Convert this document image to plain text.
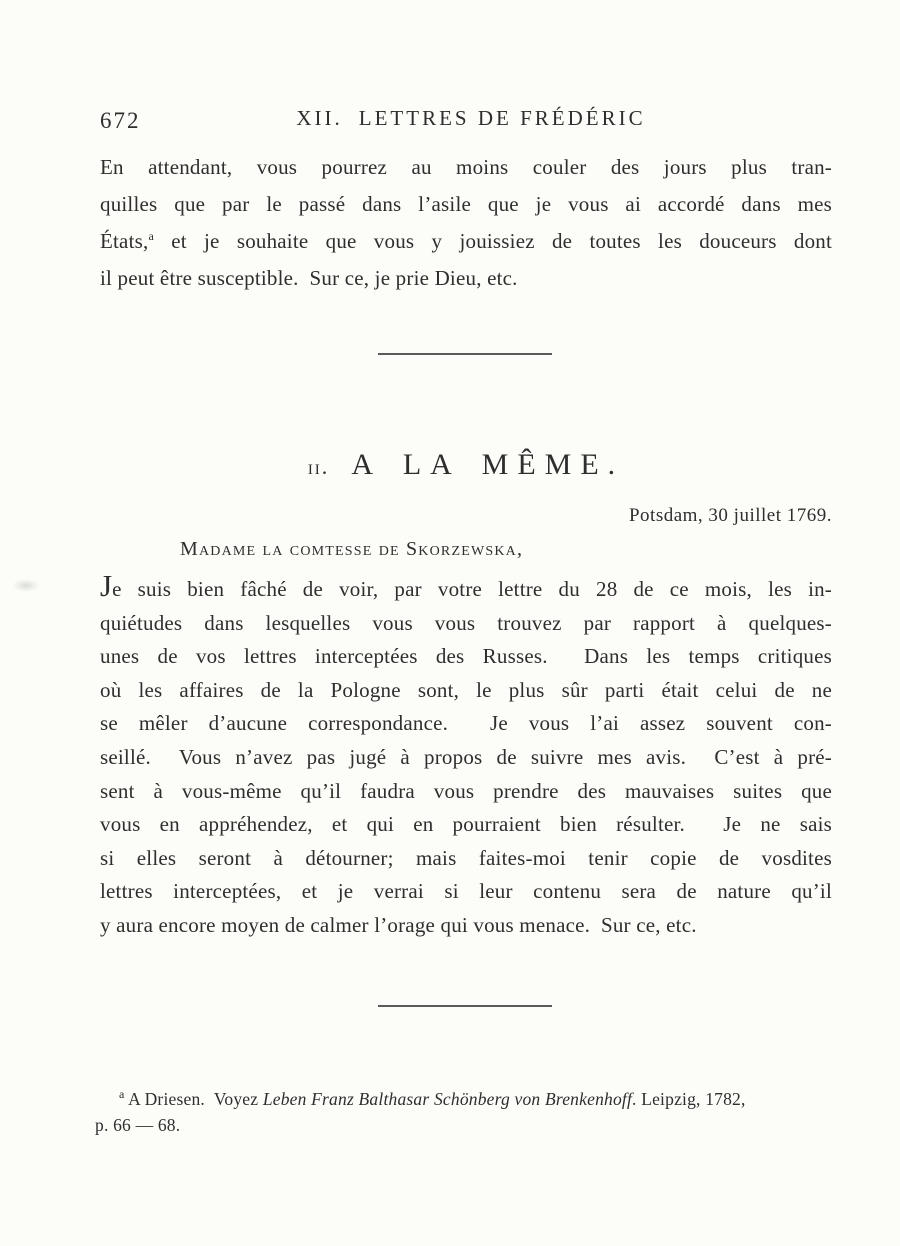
672	XII. LETTRES DE FRÉDÉRIC
En attendant, vous pourrez au moins couler des jours plus tran-
quilles que par le passé dans l’asile que je vous ai accordé dans mes
États,$^a$ et je souhaite que vous y jouissiez de toutes les douceurs dont
il peut être susceptible.  Sur ce, je prie Dieu, etc.
ii. A LA MÊME.
Potsdam, 30 juillet 1769.
Madame la comtesse de Skorzewska,
Je suis bien fâché de voir, par votre lettre du 28 de ce mois, les in-
quiétudes dans lesquelles vous vous trouvez par rapport à quelques-
unes de vos lettres interceptées des Russes.  Dans les temps critiques
où les affaires de la Pologne sont, le plus sûr parti était celui de ne
se mêler d’aucune correspondance.  Je vous l’ai assez souvent con-
seillé.  Vous n’avez pas jugé à propos de suivre mes avis.  C’est à pré-
sent à vous-même qu’il faudra vous prendre des mauvaises suites que
vous en appréhendez, et qui en pourraient bien résulter.  Je ne sais
si elles seront à détourner; mais faites-moi tenir copie de vosdites
lettres interceptées, et je verrai si leur contenu sera de nature qu’il
y aura encore moyen de calmer l’orage qui vous menace.  Sur ce, etc.
$^a$ A Driesen.  Voyez Leben Franz Balthasar Schönberg von Brenkenhoff. Leipzig, 1782,
p. 66 — 68.
